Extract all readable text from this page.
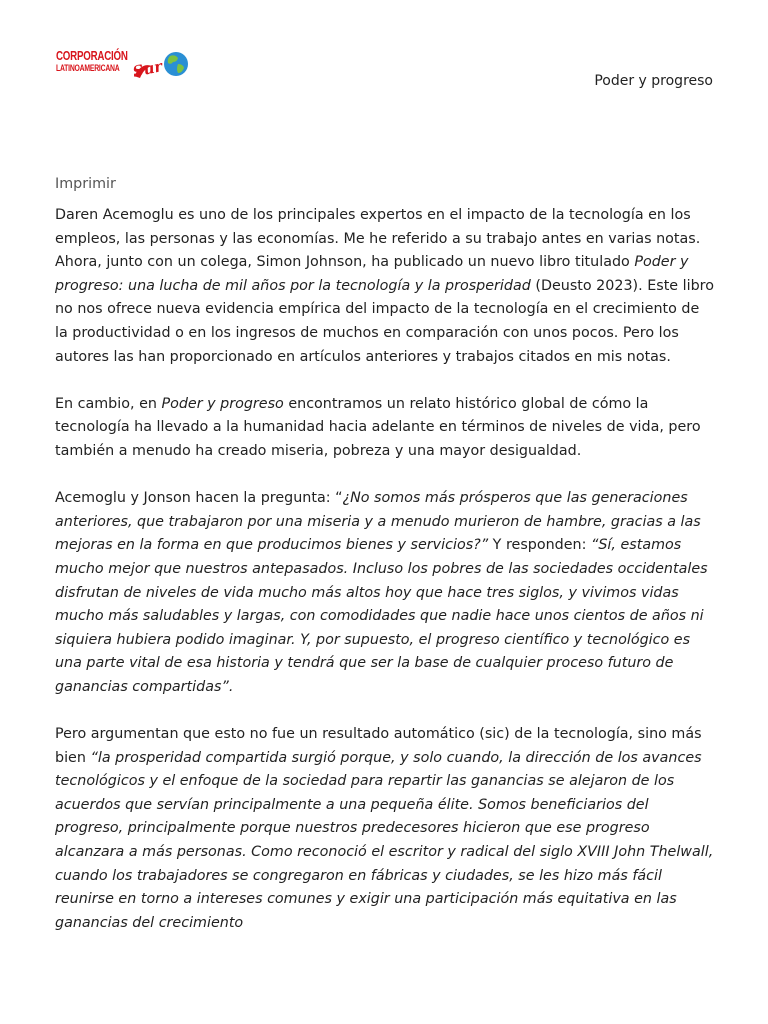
CORPORACIÓN
LATINOAMERICANA Sur
Poder y progreso
Imprimir

Daren Acemoglu es uno de los principales expertos en el impacto de la tecnología en los empleos, las personas y las economías. Me he referido a su trabajo antes en varias notas. Ahora, junto con un colega, Simon Johnson, ha publicado un nuevo libro titulado Poder y progreso: una lucha de mil años por la tecnología y la prosperidad (Deusto 2023). Este libro no nos ofrece nueva evidencia empírica del impacto de la tecnología en el crecimiento de la productividad o en los ingresos de muchos en comparación con unos pocos. Pero los autores las han proporcionado en artículos anteriores y trabajos citados en mis notas.

En cambio, en Poder y progreso encontramos un relato histórico global de cómo la tecnología ha llevado a la humanidad hacia adelante en términos de niveles de vida, pero también a menudo ha creado miseria, pobreza y una mayor desigualdad.

Acemoglu y Jonson hacen la pregunta: “¿No somos más prósperos que las generaciones anteriores, que trabajaron por una miseria y a menudo murieron de hambre, gracias a las mejoras en la forma en que producimos bienes y servicios?” Y responden: “Sí, estamos mucho mejor que nuestros antepasados. Incluso los pobres de las sociedades occidentales disfrutan de niveles de vida mucho más altos hoy que hace tres siglos, y vivimos vidas mucho más saludables y largas, con comodidades que nadie hace unos cientos de años ni siquiera hubiera podido imaginar. Y, por supuesto, el progreso científico y tecnológico es una parte vital de esa historia y tendrá que ser la base de cualquier proceso futuro de ganancias compartidas”.

Pero argumentan que esto no fue un resultado automático (sic) de la tecnología, sino más bien “la prosperidad compartida surgió porque, y solo cuando, la dirección de los avances tecnológicos y el enfoque de la sociedad para repartir las ganancias se alejaron de los acuerdos que servían principalmente a una pequeña élite. Somos beneficiarios del progreso, principalmente porque nuestros predecesores hicieron que ese progreso alcanzara a más personas. Como reconoció el escritor y radical del siglo XVIII John Thelwall, cuando los trabajadores se congregaron en fábricas y ciudades, se les hizo más fácil reunirse en torno a intereses comunes y exigir una participación más equitativa en las ganancias del crecimiento
